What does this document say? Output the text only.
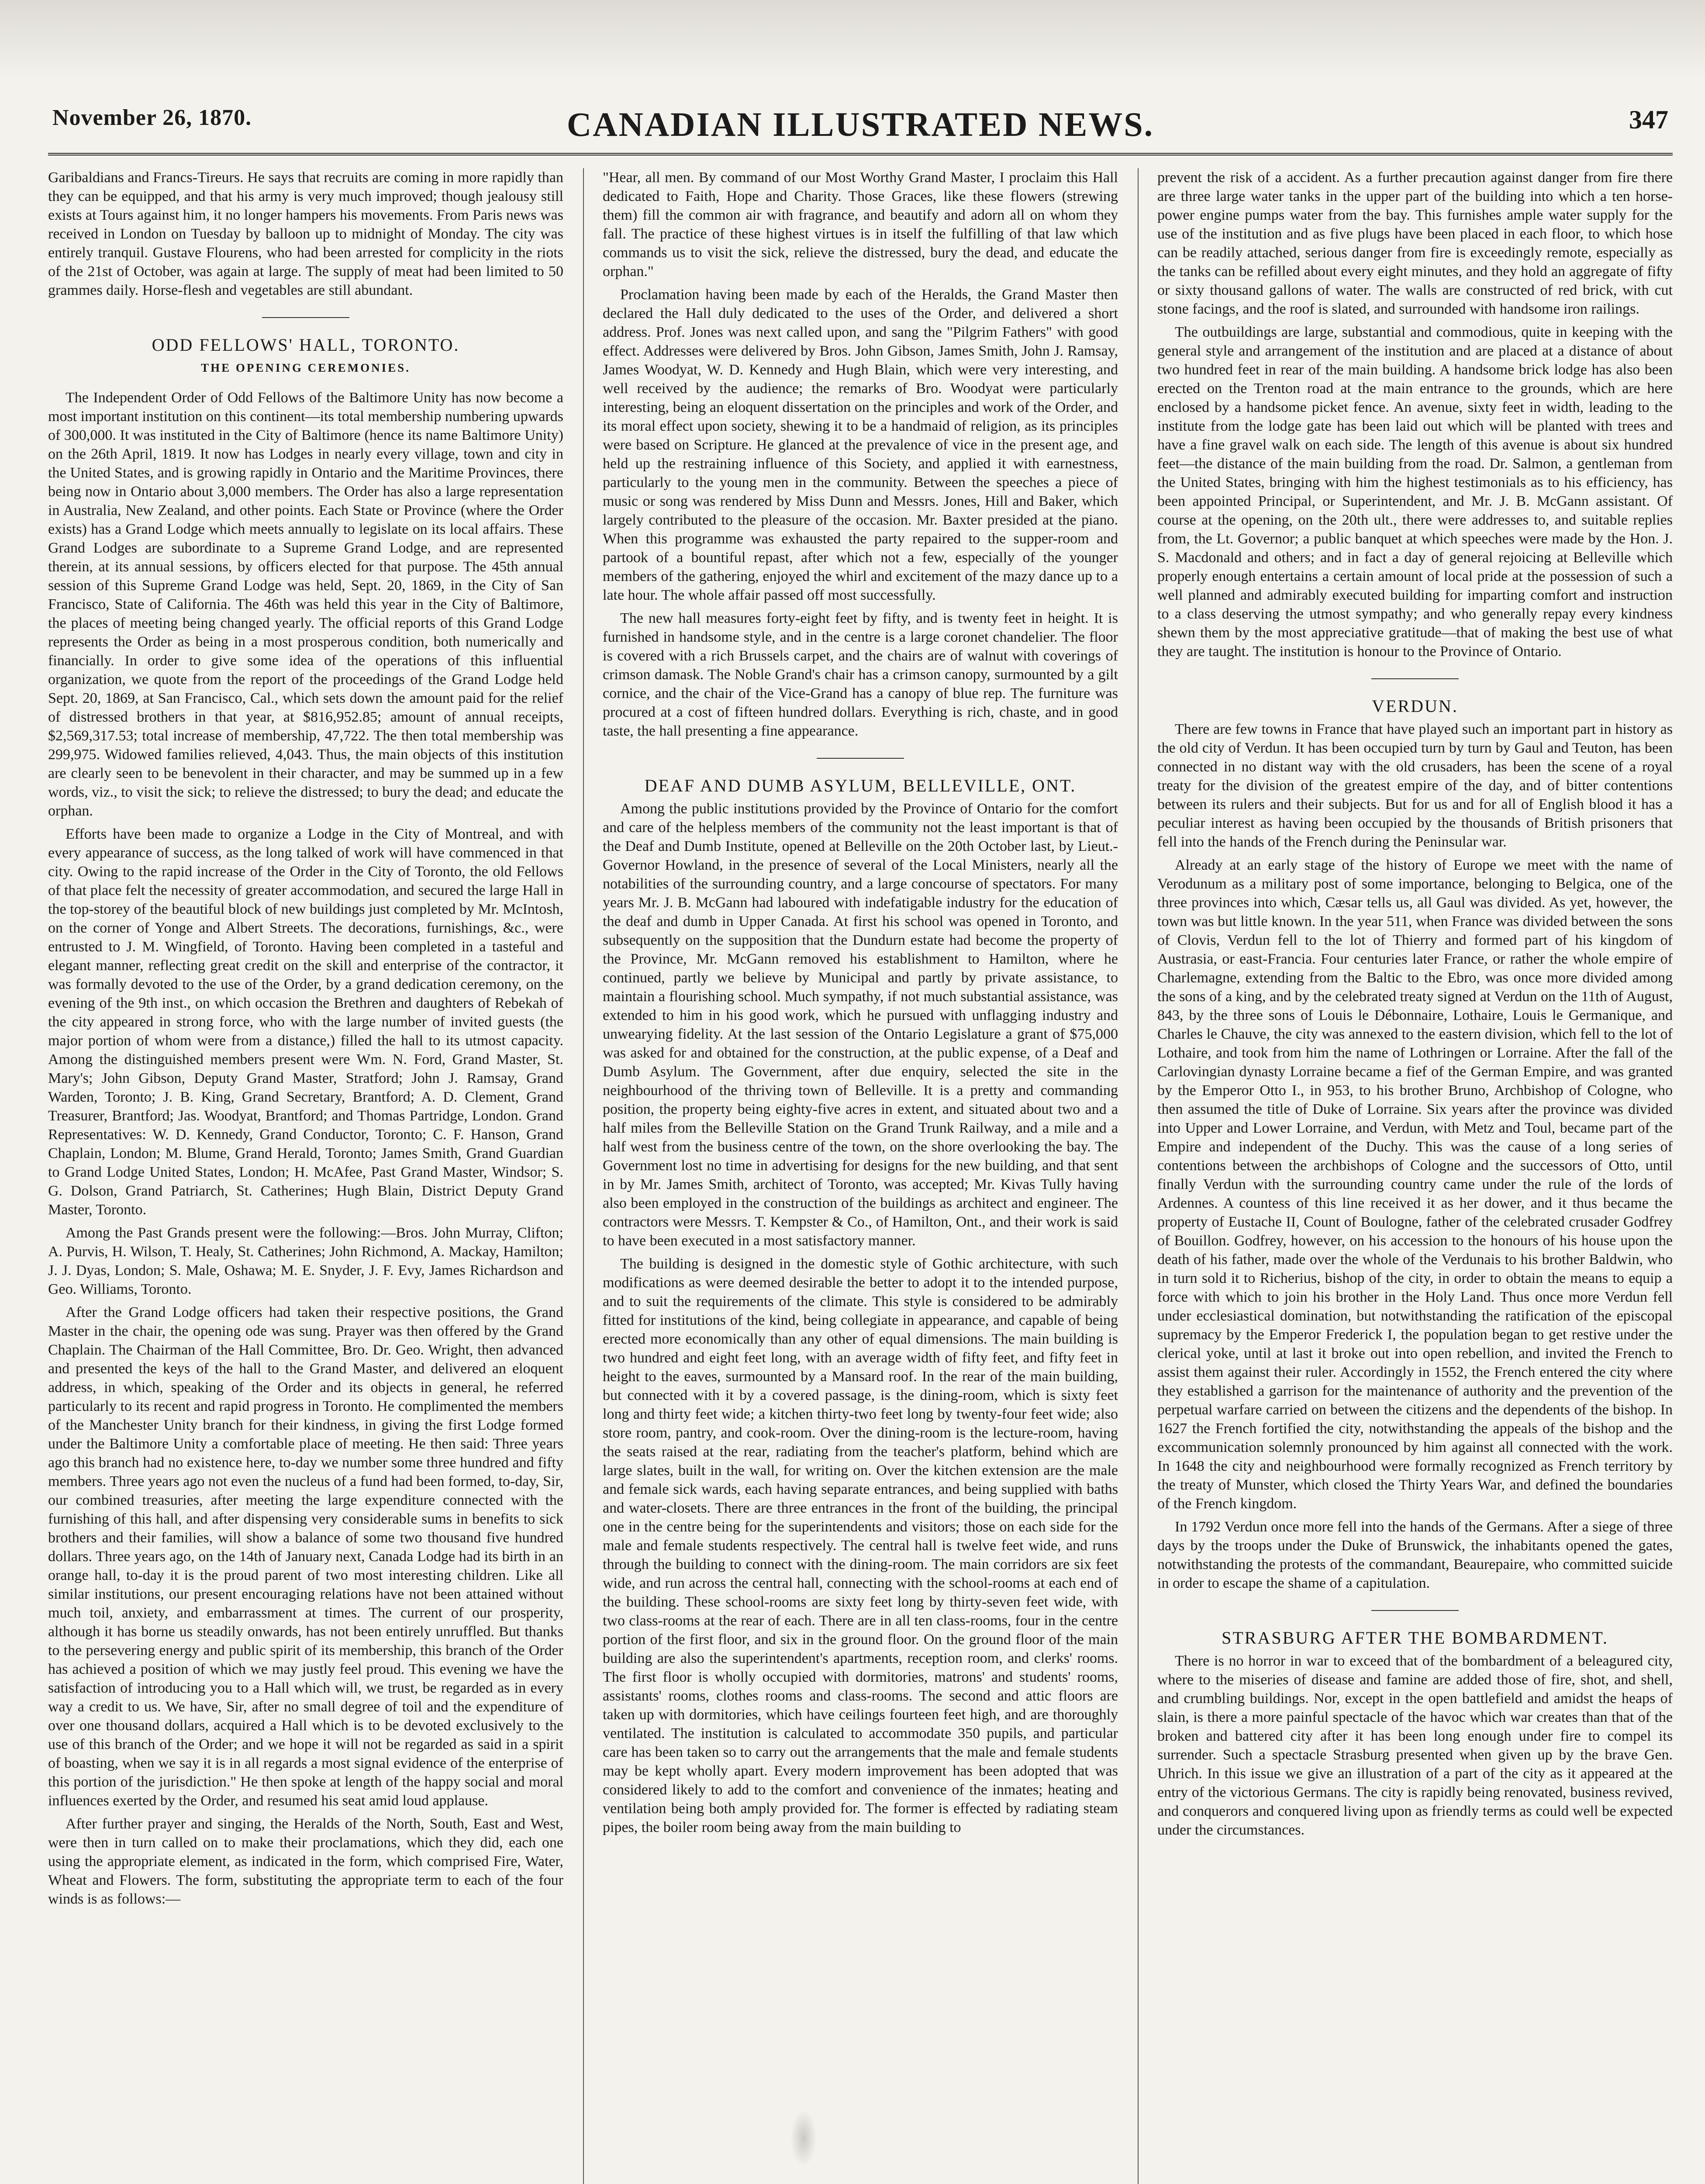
November 26, 1870.	CANADIAN ILLUSTRATED NEWS.	347

Garibaldians and Francs-Tireurs. He says that recruits are coming in more rapidly than they can be equipped, and that his army is very much improved; though jealousy still exists at Tours against him, it no longer hampers his movements. From Paris news was received in London on Tuesday by balloon up to midnight of Monday. The city was entirely tranquil. Gustave Flourens, who had been arrested for complicity in the riots of the 21st of October, was again at large. The supply of meat had been limited to 50 grammes daily. Horse-flesh and vegetables are still abundant.

ODD FELLOWS' HALL, TORONTO.
THE OPENING CEREMONIES.

The Independent Order of Odd Fellows of the Baltimore Unity has now become a most important institution on this continent—its total membership numbering upwards of 300,000. It was instituted in the City of Baltimore (hence its name Baltimore Unity) on the 26th April, 1819. It now has Lodges in nearly every village, town and city in the United States, and is growing rapidly in Ontario and the Maritime Provinces, there being now in Ontario about 3,000 members. The Order has also a large representation in Australia, New Zealand, and other points. Each State or Province (where the Order exists) has a Grand Lodge which meets annually to legislate on its local affairs. These Grand Lodges are subordinate to a Supreme Grand Lodge, and are represented therein, at its annual sessions, by officers elected for that purpose. The 45th annual session of this Supreme Grand Lodge was held, Sept. 20, 1869, in the City of San Francisco, State of California. The 46th was held this year in the City of Baltimore, the places of meeting being changed yearly. The official reports of this Grand Lodge represents the Order as being in a most prosperous condition, both numerically and financially. In order to give some idea of the operations of this influential organization, we quote from the report of the proceedings of the Grand Lodge held Sept. 20, 1869, at San Francisco, Cal., which sets down the amount paid for the relief of distressed brothers in that year, at $816,952.85; amount of annual receipts, $2,569,317.53; total increase of membership, 47,722. The then total membership was 299,975. Widowed families relieved, 4,043. Thus, the main objects of this institution are clearly seen to be benevolent in their character, and may be summed up in a few words, viz., to visit the sick; to relieve the distressed; to bury the dead; and educate the orphan.

Efforts have been made to organize a Lodge in the City of Montreal, and with every appearance of success, as the long talked of work will have commenced in that city. Owing to the rapid increase of the Order in the City of Toronto, the old Fellows of that place felt the necessity of greater accommodation, and secured the large Hall in the top-storey of the beautiful block of new buildings just completed by Mr. McIntosh, on the corner of Yonge and Albert Streets. The decorations, furnishings, &c., were entrusted to J. M. Wingfield, of Toronto. Having been completed in a tasteful and elegant manner, reflecting great credit on the skill and enterprise of the contractor, it was formally devoted to the use of the Order, by a grand dedication ceremony, on the evening of the 9th inst., on which occasion the Brethren and daughters of Rebekah of the city appeared in strong force, who with the large number of invited guests (the major portion of whom were from a distance,) filled the hall to its utmost capacity. Among the distinguished members present were Wm. N. Ford, Grand Master, St. Mary's; John Gibson, Deputy Grand Master, Stratford; John J. Ramsay, Grand Warden, Toronto; J. B. King, Grand Secretary, Brantford; A. D. Clement, Grand Treasurer, Brantford; Jas. Woodyat, Brantford; and Thomas Partridge, London. Grand Representatives: W. D. Kennedy, Grand Conductor, Toronto; C. F. Hanson, Grand Chaplain, London; M. Blume, Grand Herald, Toronto; James Smith, Grand Guardian to Grand Lodge United States, London; H. McAfee, Past Grand Master, Windsor; S. G. Dolson, Grand Patriarch, St. Catherines; Hugh Blain, District Deputy Grand Master, Toronto.

Among the Past Grands present were the following:—Bros. John Murray, Clifton; A. Purvis, H. Wilson, T. Healy, St. Catherines; John Richmond, A. Mackay, Hamilton; J. J. Dyas, London; S. Male, Oshawa; M. E. Snyder, J. F. Evy, James Richardson and Geo. Williams, Toronto.

After the Grand Lodge officers had taken their respective positions, the Grand Master in the chair, the opening ode was sung. Prayer was then offered by the Grand Chaplain. The Chairman of the Hall Committee, Bro. Dr. Geo. Wright, then advanced and presented the keys of the hall to the Grand Master, and delivered an eloquent address, in which, speaking of the Order and its objects in general, he referred particularly to its recent and rapid progress in Toronto. He complimented the members of the Manchester Unity branch for their kindness, in giving the first Lodge formed under the Baltimore Unity a comfortable place of meeting. He then said: Three years ago this branch had no existence here, to-day we number some three hundred and fifty members. Three years ago not even the nucleus of a fund had been formed, to-day, Sir, our combined treasuries, after meeting the large expenditure connected with the furnishing of this hall, and after dispensing very considerable sums in benefits to sick brothers and their families, will show a balance of some two thousand five hundred dollars. Three years ago, on the 14th of January next, Canada Lodge had its birth in an orange hall, to-day it is the proud parent of two most interesting children. Like all similar institutions, our present encouraging relations have not been attained without much toil, anxiety, and embarrassment at times. The current of our prosperity, although it has borne us steadily onwards, has not been entirely unruffled. But thanks to the persevering energy and public spirit of its membership, this branch of the Order has achieved a position of which we may justly feel proud. This evening we have the satisfaction of introducing you to a Hall which will, we trust, be regarded as in every way a credit to us. We have, Sir, after no small degree of toil and the expenditure of over one thousand dollars, acquired a Hall which is to be devoted exclusively to the use of this branch of the Order; and we hope it will not be regarded as said in a spirit of boasting, when we say it is in all regards a most signal evidence of the enterprise of this portion of the jurisdiction." He then spoke at length of the happy social and moral influences exerted by the Order, and resumed his seat amid loud applause.

After further prayer and singing, the Heralds of the North, South, East and West, were then in turn called on to make their proclamations, which they did, each one using the appropriate element, as indicated in the form, which comprised Fire, Water, Wheat and Flowers. The form, substituting the appropriate term to each of the four winds is as follows:—

"Hear, all men. By command of our Most Worthy Grand Master, I proclaim this Hall dedicated to Faith, Hope and Charity. Those Graces, like these flowers (strewing them) fill the common air with fragrance, and beautify and adorn all on whom they fall. The practice of these highest virtues is in itself the fulfilling of that law which commands us to visit the sick, relieve the distressed, bury the dead, and educate the orphan."

Proclamation having been made by each of the Heralds, the Grand Master then declared the Hall duly dedicated to the uses of the Order, and delivered a short address. Prof. Jones was next called upon, and sang the "Pilgrim Fathers" with good effect. Addresses were delivered by Bros. John Gibson, James Smith, John J. Ramsay, James Woodyat, W. D. Kennedy and Hugh Blain, which were very interesting, and well received by the audience; the remarks of Bro. Woodyat were particularly interesting, being an eloquent dissertation on the principles and work of the Order, and its moral effect upon society, shewing it to be a handmaid of religion, as its principles were based on Scripture. He glanced at the prevalence of vice in the present age, and held up the restraining influence of this Society, and applied it with earnestness, particularly to the young men in the community. Between the speeches a piece of music or song was rendered by Miss Dunn and Messrs. Jones, Hill and Baker, which largely contributed to the pleasure of the occasion. Mr. Baxter presided at the piano. When this programme was exhausted the party repaired to the supper-room and partook of a bountiful repast, after which not a few, especially of the younger members of the gathering, enjoyed the whirl and excitement of the mazy dance up to a late hour. The whole affair passed off most successfully.

The new hall measures forty-eight feet by fifty, and is twenty feet in height. It is furnished in handsome style, and in the centre is a large coronet chandelier. The floor is covered with a rich Brussels carpet, and the chairs are of walnut with coverings of crimson damask. The Noble Grand's chair has a crimson canopy, surmounted by a gilt cornice, and the chair of the Vice-Grand has a canopy of blue rep. The furniture was procured at a cost of fifteen hundred dollars. Everything is rich, chaste, and in good taste, the hall presenting a fine appearance.

DEAF AND DUMB ASYLUM, BELLEVILLE, ONT.

Among the public institutions provided by the Province of Ontario for the comfort and care of the helpless members of the community not the least important is that of the Deaf and Dumb Institute, opened at Belleville on the 20th October last, by Lieut.-Governor Howland, in the presence of several of the Local Ministers, nearly all the notabilities of the surrounding country, and a large concourse of spectators. For many years Mr. J. B. McGann had laboured with indefatigable industry for the education of the deaf and dumb in Upper Canada. At first his school was opened in Toronto, and subsequently on the supposition that the Dundurn estate had become the property of the Province, Mr. McGann removed his establishment to Hamilton, where he continued, partly we believe by Municipal and partly by private assistance, to maintain a flourishing school. Much sympathy, if not much substantial assistance, was extended to him in his good work, which he pursued with unflagging industry and unwearying fidelity. At the last session of the Ontario Legislature a grant of $75,000 was asked for and obtained for the construction, at the public expense, of a Deaf and Dumb Asylum. The Government, after due enquiry, selected the site in the neighbourhood of the thriving town of Belleville. It is a pretty and commanding position, the property being eighty-five acres in extent, and situated about two and a half miles from the Belleville Station on the Grand Trunk Railway, and a mile and a half west from the business centre of the town, on the shore overlooking the bay. The Government lost no time in advertising for designs for the new building, and that sent in by Mr. James Smith, architect of Toronto, was accepted; Mr. Kivas Tully having also been employed in the construction of the buildings as architect and engineer. The contractors were Messrs. T. Kempster & Co., of Hamilton, Ont., and their work is said to have been executed in a most satisfactory manner.

The building is designed in the domestic style of Gothic architecture, with such modifications as were deemed desirable the better to adopt it to the intended purpose, and to suit the requirements of the climate. This style is considered to be admirably fitted for institutions of the kind, being collegiate in appearance, and capable of being erected more economically than any other of equal dimensions. The main building is two hundred and eight feet long, with an average width of fifty feet, and fifty feet in height to the eaves, surmounted by a Mansard roof. In the rear of the main building, but connected with it by a covered passage, is the dining-room, which is sixty feet long and thirty feet wide; a kitchen thirty-two feet long by twenty-four feet wide; also store room, pantry, and cook-room. Over the dining-room is the lecture-room, having the seats raised at the rear, radiating from the teacher's platform, behind which are large slates, built in the wall, for writing on. Over the kitchen extension are the male and female sick wards, each having separate entrances, and being supplied with baths and water-closets. There are three entrances in the front of the building, the principal one in the centre being for the superintendents and visitors; those on each side for the male and female students respectively. The central hall is twelve feet wide, and runs through the building to connect with the dining-room. The main corridors are six feet wide, and run across the central hall, connecting with the school-rooms at each end of the building. These school-rooms are sixty feet long by thirty-seven feet wide, with two class-rooms at the rear of each. There are in all ten class-rooms, four in the centre portion of the first floor, and six in the ground floor. On the ground floor of the main building are also the superintendent's apartments, reception room, and clerks' rooms. The first floor is wholly occupied with dormitories, matrons' and students' rooms, assistants' rooms, clothes rooms and class-rooms. The second and attic floors are taken up with dormitories, which have ceilings fourteen feet high, and are thoroughly ventilated. The institution is calculated to accommodate 350 pupils, and particular care has been taken so to carry out the arrangements that the male and female students may be kept wholly apart. Every modern improvement has been adopted that was considered likely to add to the comfort and convenience of the inmates; heating and ventilation being both amply provided for. The former is effected by radiating steam pipes, the boiler room being away from the main building to

prevent the risk of a accident. As a further precaution against danger from fire there are three large water tanks in the upper part of the building into which a ten horse-power engine pumps water from the bay. This furnishes ample water supply for the use of the institution and as five plugs have been placed in each floor, to which hose can be readily attached, serious danger from fire is exceedingly remote, especially as the tanks can be refilled about every eight minutes, and they hold an aggregate of fifty or sixty thousand gallons of water. The walls are constructed of red brick, with cut stone facings, and the roof is slated, and surrounded with handsome iron railings.

The outbuildings are large, substantial and commodious, quite in keeping with the general style and arrangement of the institution and are placed at a distance of about two hundred feet in rear of the main building. A handsome brick lodge has also been erected on the Trenton road at the main entrance to the grounds, which are here enclosed by a handsome picket fence. An avenue, sixty feet in width, leading to the institute from the lodge gate has been laid out which will be planted with trees and have a fine gravel walk on each side. The length of this avenue is about six hundred feet—the distance of the main building from the road. Dr. Salmon, a gentleman from the United States, bringing with him the highest testimonials as to his efficiency, has been appointed Principal, or Superintendent, and Mr. J. B. McGann assistant. Of course at the opening, on the 20th ult., there were addresses to, and suitable replies from, the Lt. Governor; a public banquet at which speeches were made by the Hon. J. S. Macdonald and others; and in fact a day of general rejoicing at Belleville which properly enough entertains a certain amount of local pride at the possession of such a well planned and admirably executed building for imparting comfort and instruction to a class deserving the utmost sympathy; and who generally repay every kindness shewn them by the most appreciative gratitude—that of making the best use of what they are taught. The institution is honour to the Province of Ontario.

VERDUN.

There are few towns in France that have played such an important part in history as the old city of Verdun. It has been occupied turn by turn by Gaul and Teuton, has been connected in no distant way with the old crusaders, has been the scene of a royal treaty for the division of the greatest empire of the day, and of bitter contentions between its rulers and their subjects. But for us and for all of English blood it has a peculiar interest as having been occupied by the thousands of British prisoners that fell into the hands of the French during the Peninsular war.

Already at an early stage of the history of Europe we meet with the name of Verodunum as a military post of some importance, belonging to Belgica, one of the three provinces into which, Cæsar tells us, all Gaul was divided. As yet, however, the town was but little known. In the year 511, when France was divided between the sons of Clovis, Verdun fell to the lot of Thierry and formed part of his kingdom of Austrasia, or east-Francia. Four centuries later France, or rather the whole empire of Charlemagne, extending from the Baltic to the Ebro, was once more divided among the sons of a king, and by the celebrated treaty signed at Verdun on the 11th of August, 843, by the three sons of Louis le Débonnaire, Lothaire, Louis le Germanique, and Charles le Chauve, the city was annexed to the eastern division, which fell to the lot of Lothaire, and took from him the name of Lothringen or Lorraine. After the fall of the Carlovingian dynasty Lorraine became a fief of the German Empire, and was granted by the Emperor Otto I., in 953, to his brother Bruno, Archbishop of Cologne, who then assumed the title of Duke of Lorraine. Six years after the province was divided into Upper and Lower Lorraine, and Verdun, with Metz and Toul, became part of the Empire and independent of the Duchy. This was the cause of a long series of contentions between the archbishops of Cologne and the successors of Otto, until finally Verdun with the surrounding country came under the rule of the lords of Ardennes. A countess of this line received it as her dower, and it thus became the property of Eustache II, Count of Boulogne, father of the celebrated crusader Godfrey of Bouillon. Godfrey, however, on his accession to the honours of his house upon the death of his father, made over the whole of the Verdunais to his brother Baldwin, who in turn sold it to Richerius, bishop of the city, in order to obtain the means to equip a force with which to join his brother in the Holy Land. Thus once more Verdun fell under ecclesiastical domination, but notwithstanding the ratification of the episcopal supremacy by the Emperor Frederick I, the population began to get restive under the clerical yoke, until at last it broke out into open rebellion, and invited the French to assist them against their ruler. Accordingly in 1552, the French entered the city where they established a garrison for the maintenance of authority and the prevention of the perpetual warfare carried on between the citizens and the dependents of the bishop. In 1627 the French fortified the city, notwithstanding the appeals of the bishop and the excommunication solemnly pronounced by him against all connected with the work. In 1648 the city and neighbourhood were formally recognized as French territory by the treaty of Munster, which closed the Thirty Years War, and defined the boundaries of the French kingdom.

In 1792 Verdun once more fell into the hands of the Germans. After a siege of three days by the troops under the Duke of Brunswick, the inhabitants opened the gates, notwithstanding the protests of the commandant, Beaurepaire, who committed suicide in order to escape the shame of a capitulation.

STRASBURG AFTER THE BOMBARDMENT.

There is no horror in war to exceed that of the bombardment of a beleagured city, where to the miseries of disease and famine are added those of fire, shot, and shell, and crumbling buildings. Nor, except in the open battlefield and amidst the heaps of slain, is there a more painful spectacle of the havoc which war creates than that of the broken and battered city after it has been long enough under fire to compel its surrender. Such a spectacle Strasburg presented when given up by the brave Gen. Uhrich. In this issue we give an illustration of a part of the city as it appeared at the entry of the victorious Germans. The city is rapidly being renovated, business revived, and conquerors and conquered living upon as friendly terms as could well be expected under the circumstances.
